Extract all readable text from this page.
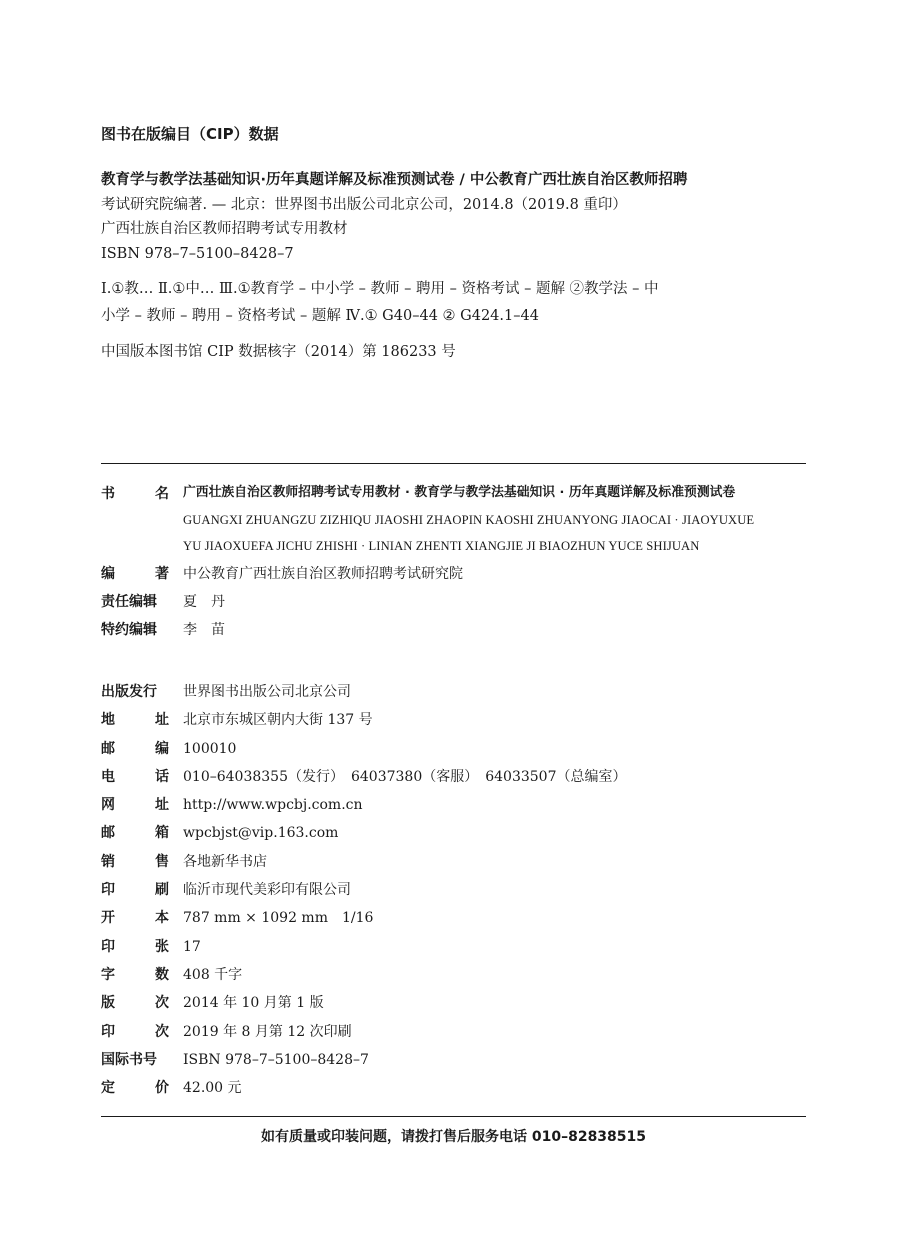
图书在版编目（CIP）数据

教育学与教学法基础知识·历年真题详解及标准预测试卷 / 中公教育广西壮族自治区教师招聘

考试研究院编著. — 北京：世界图书出版公司北京公司，2014.8（2019.8 重印）

广西壮族自治区教师招聘考试专用教材

ISBN 978–7–5100–8428–7

Ⅰ.①教… Ⅱ.①中… Ⅲ.①教育学 – 中小学 – 教师 – 聘用 – 资格考试 – 题解 ②教学法 – 中

小学 – 教师 – 聘用 – 资格考试 – 题解 Ⅳ.① G40–44 ② G424.1–44

中国版本图书馆 CIP 数据核字（2014）第 186233 号

书	名 广西壮族自治区教师招聘考试专用教材 · 教育学与教学法基础知识 · 历年真题详解及标准预测试卷
GUANGXI ZHUANGZU ZIZHIQU JIAOSHI ZHAOPIN KAOSHI ZHUANYONG JIAOCAI · JIAOYUXUE
YU JIAOXUEFA JICHU ZHISHI · LINIAN ZHENTI XIANGJIE JI BIAOZHUN YUCE SHIJUAN
编	著 中公教育广西壮族自治区教师招聘考试研究院
责任编辑	夏　丹
特约编辑	李　苗
出版发行	世界图书出版公司北京公司
地	址 北京市东城区朝内大街 137 号
邮	编 100010
电	话 010–64038355（发行）　64037380（客服）　64033507（总编室）
网	址 http://www.wpcbj.com.cn
邮	箱 wpcbjst@vip.163.com
销	售 各地新华书店
印	刷 临沂市现代美彩印有限公司
开	本 787 mm × 1092 mm　1/16
印	张 17
字	数 408 千字
版	次 2014 年 10 月第 1 版
印	次 2019 年 8 月第 12 次印刷
国际书号	ISBN 978–7–5100–8428–7
定	价 42.00 元
如有质量或印装问题，请拨打售后服务电话 010–82838515
